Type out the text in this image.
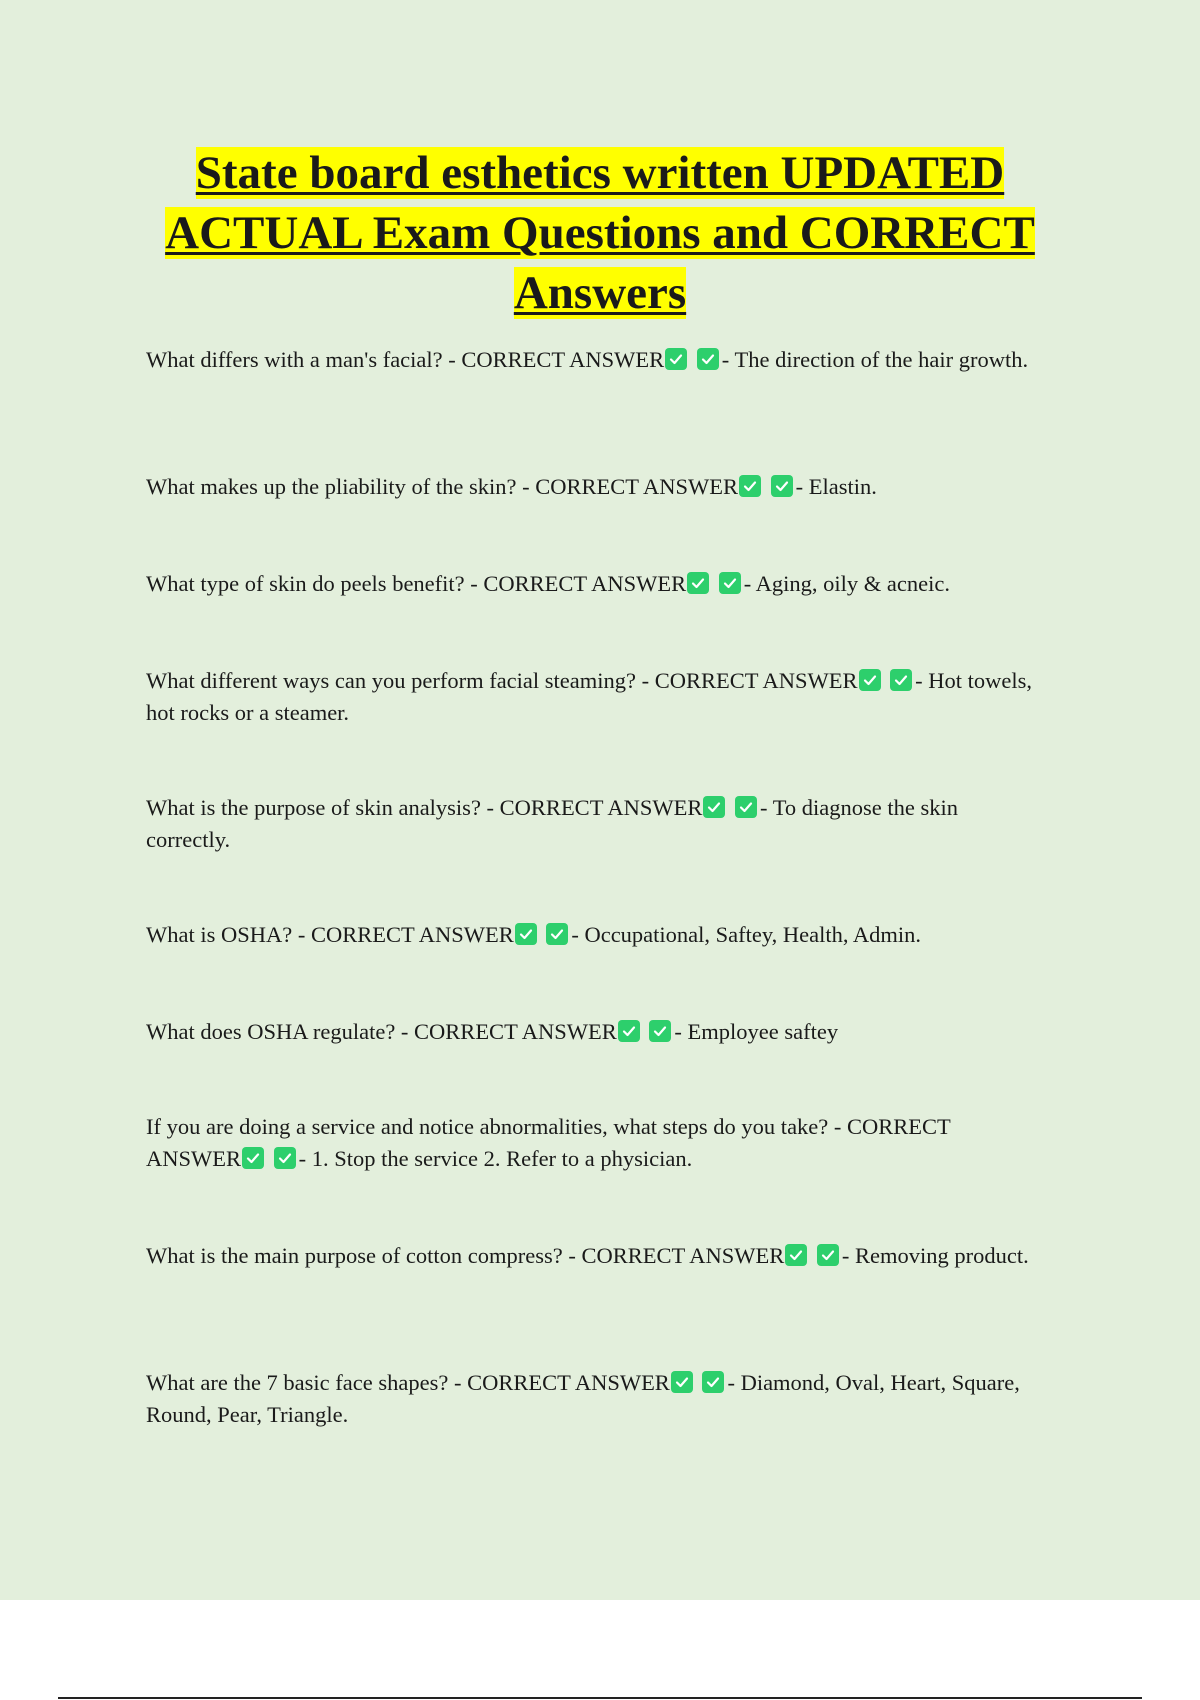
State board esthetics written UPDATED ACTUAL Exam Questions and CORRECT Answers

What differs with a man's facial? - CORRECT ANSWER
	- The direction of the hair growth.

What makes up the pliability of the skin? - CORRECT ANSWER
	- Elastin.

What type of skin do peels benefit? - CORRECT ANSWER
	- Aging, oily & acneic.

What different ways can you perform facial steaming? - CORRECT ANSWER
	- Hot towels, hot rocks or a steamer.

What is the purpose of skin analysis? - CORRECT ANSWER
	- To diagnose the skin correctly.

What is OSHA? - CORRECT ANSWER
	- Occupational, Saftey, Health, Admin.

What does OSHA regulate? - CORRECT ANSWER
	- Employee saftey

If you are doing a service and notice abnormalities, what steps do you take? - CORRECT ANSWER
	- 1. Stop the service 2. Refer to a physician.

What is the main purpose of cotton compress? - CORRECT ANSWER
	- Removing product.

What are the 7 basic face shapes? - CORRECT ANSWER
	- Diamond, Oval, Heart, Square, Round, Pear, Triangle.
